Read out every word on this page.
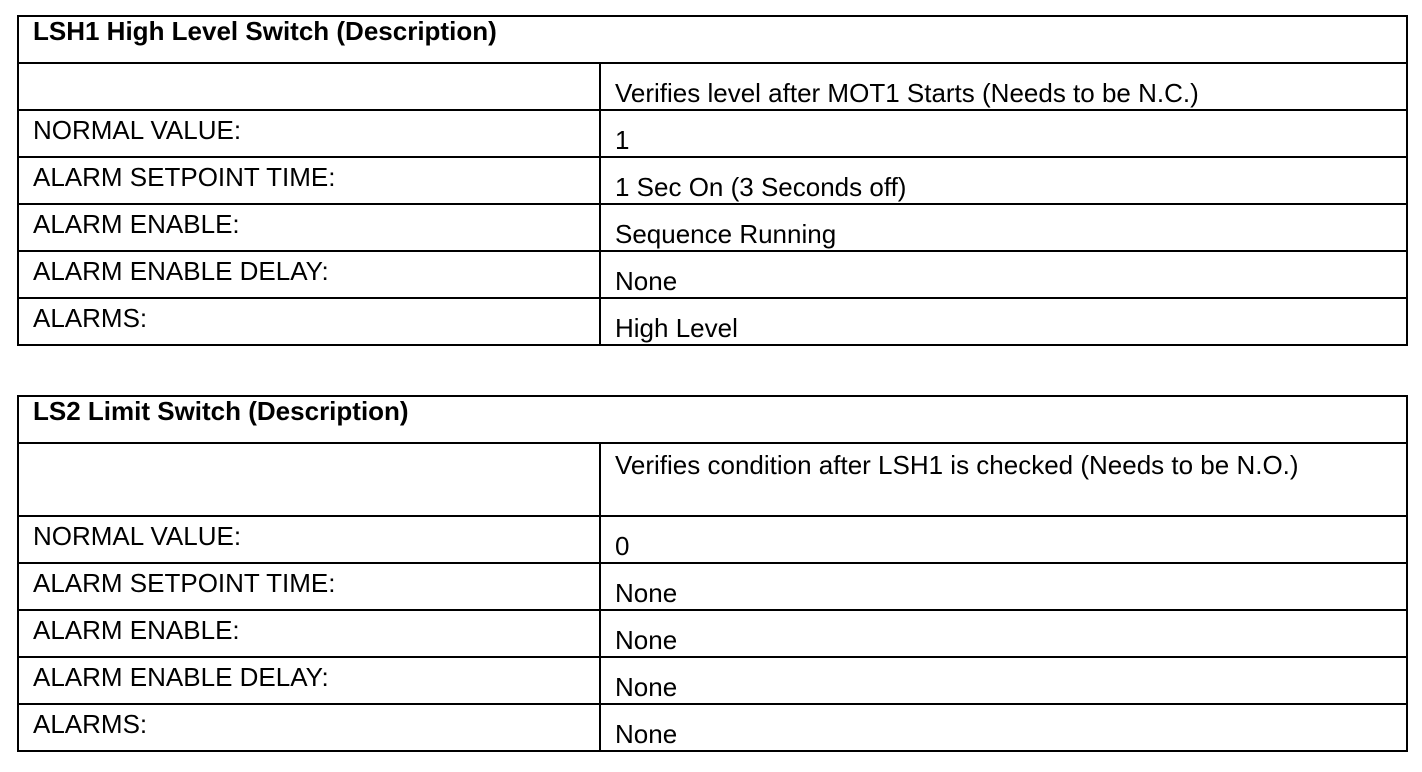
LSH1 High Level Switch (Description)	
	Verifies level after MOT1 Starts (Needs to be N.C.)
NORMAL VALUE:	1
ALARM SETPOINT TIME:	1 Sec On (3 Seconds off)
ALARM ENABLE:	Sequence Running
ALARM ENABLE DELAY:	None
ALARMS:	High Level
LS2 Limit Switch (Description)	
	Verifies condition after LSH1 is checked (Needs to be N.O.)
NORMAL VALUE:	0
ALARM SETPOINT TIME:	None
ALARM ENABLE:	None
ALARM ENABLE DELAY:	None
ALARMS:	None
